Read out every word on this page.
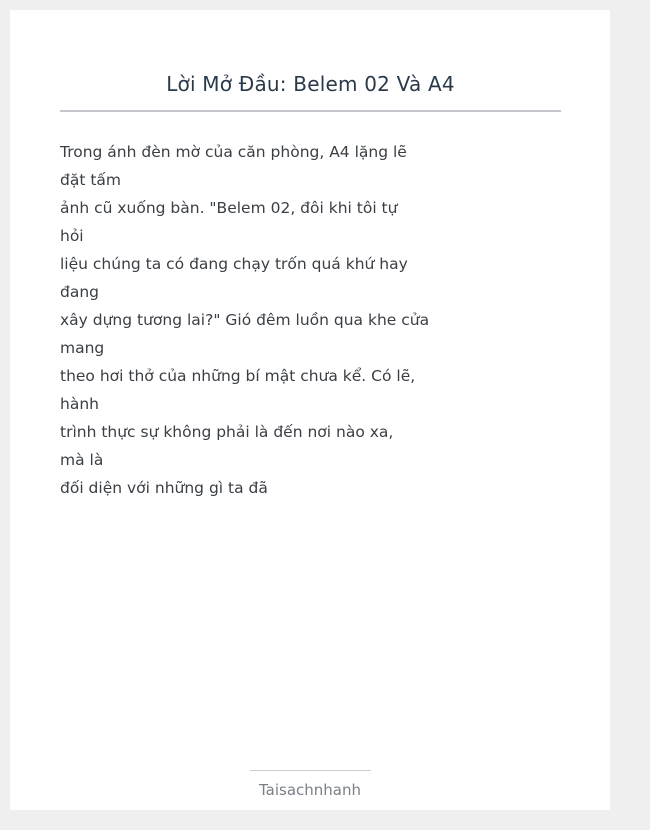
Lời Mở Đầu: Belem 02 Và A4
Trong ánh đèn mờ của căn phòng, A4 lặng lẽ
đặt tấm
ảnh cũ xuống bàn. "Belem 02, đôi khi tôi tự
hỏi
liệu chúng ta có đang chạy trốn quá khứ hay
đang
xây dựng tương lai?" Gió đêm luồn qua khe cửa
mang
theo hơi thở của những bí mật chưa kể. Có lẽ,
hành
trình thực sự không phải là đến nơi nào xa,
mà là
đối diện với những gì ta đã
Taisachnhanh
